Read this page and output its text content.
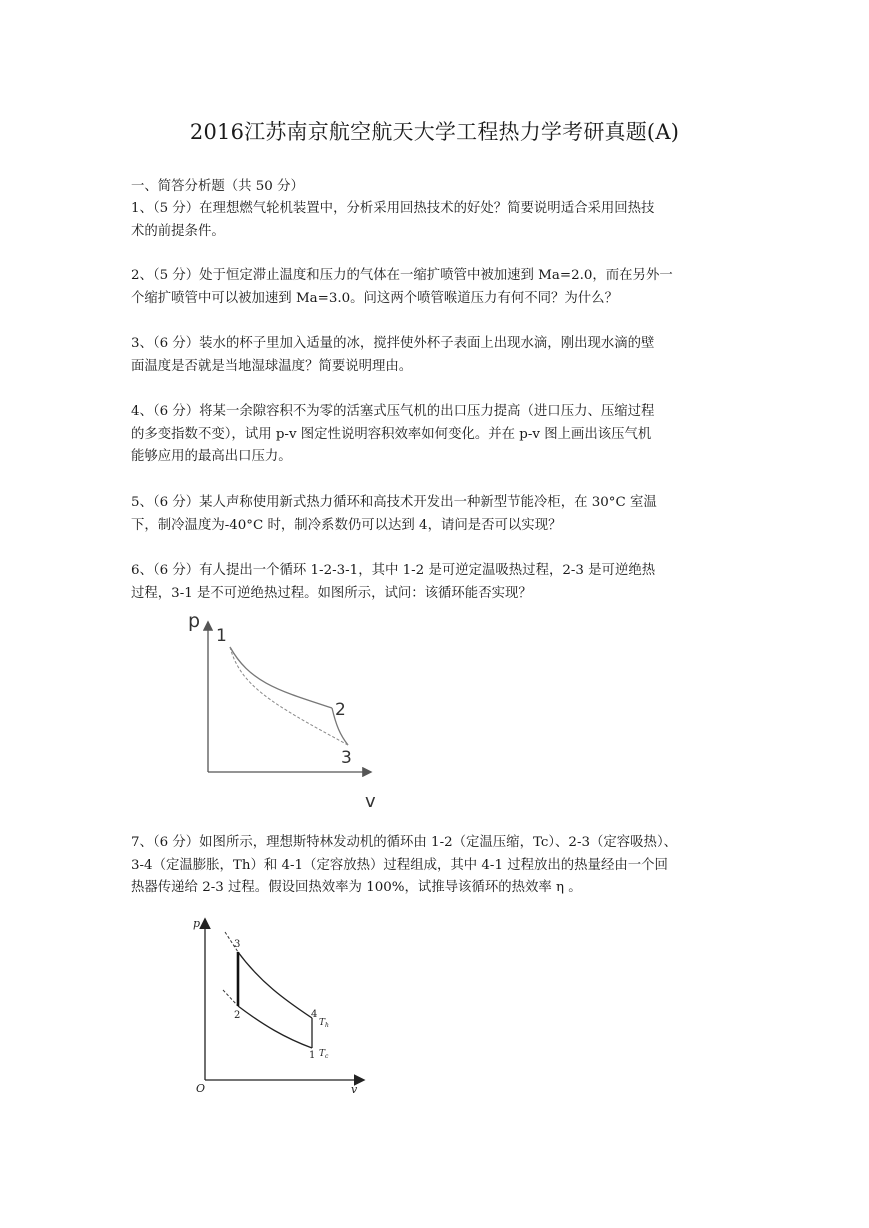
2016江苏南京航空航天大学工程热力学考研真题(A)
一、简答分析题（共 50 分）
1、（5 分）在理想燃气轮机装置中，分析采用回热技术的好处？简要说明适合采用回热技
术的前提条件。
2、（5 分）处于恒定滞止温度和压力的气体在一缩扩喷管中被加速到 Ma=2.0，而在另外一
个缩扩喷管中可以被加速到 Ma=3.0。问这两个喷管喉道压力有何不同？为什么？
3、（6 分）装水的杯子里加入适量的冰，搅拌使外杯子表面上出现水滴，刚出现水滴的壁
面温度是否就是当地湿球温度？简要说明理由。
4、（6 分）将某一余隙容积不为零的活塞式压气机的出口压力提高（进口压力、压缩过程
的多变指数不变），试用 p-v 图定性说明容积效率如何变化。并在 p-v 图上画出该压气机
能够应用的最高出口压力。
5、（6 分）某人声称使用新式热力循环和高技术开发出一种新型节能冷柜，在 30°C 室温
下，制冷温度为-40°C 时，制冷系数仍可以达到 4，请问是否可以实现？
6、（6 分）有人提出一个循环 1-2-3-1，其中 1-2 是可逆定温吸热过程，2-3 是可逆绝热
过程，3-1 是不可逆绝热过程。如图所示，试问：该循环能否实现？
p
v
1
2
3
7、（6 分）如图所示，理想斯特林发动机的循环由 1-2（定温压缩，Tc）、2-3（定容吸热）、
3-4（定温膨胀，Th）和 4-1（定容放热）过程组成，其中 4-1 过程放出的热量经由一个回
热器传递给 2-3 过程。假设回热效率为 100%，试推导该循环的热效率 η 。
p
v
O
3
2	4
1
$T_h$
$T_c$
